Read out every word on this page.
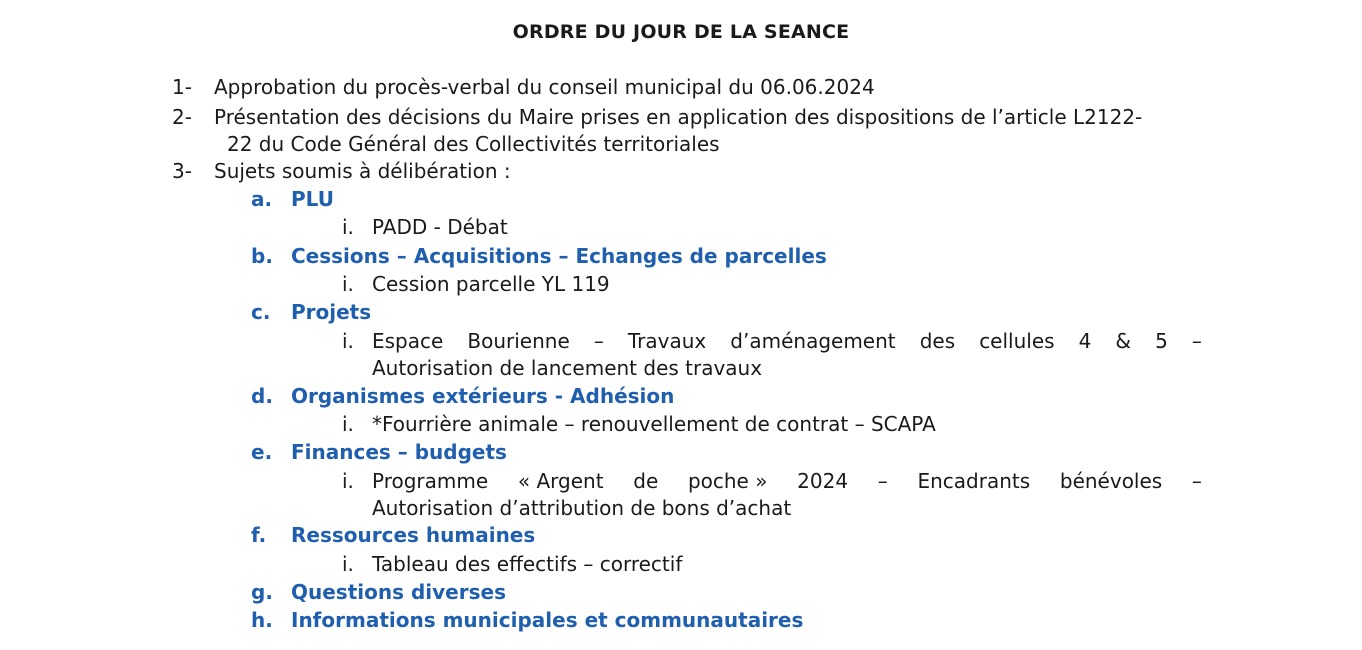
ORDRE DU JOUR DE LA SEANCE
1- Approbation du procès-verbal du conseil municipal du 06.06.2024
2- Présentation des décisions du Maire prises en application des dispositions de l’article L2122-
22 du Code Général des Collectivités territoriales
3- Sujets soumis à délibération :
a. PLU
i. PADD - Débat
b. Cessions – Acquisitions – Echanges de parcelles
i. Cession parcelle YL 119
c. Projets
i. Espace Bourienne – Travaux d’aménagement des cellules 4 & 5 –
Autorisation de lancement des travaux
d. Organismes extérieurs - Adhésion
i. *Fourrière animale – renouvellement de contrat – SCAPA
e. Finances – budgets
i. Programme « Argent de poche » 2024 – Encadrants bénévoles –
Autorisation d’attribution de bons d’achat
f. Ressources humaines
i. Tableau des effectifs – correctif
g. Questions diverses
h. Informations municipales et communautaires
